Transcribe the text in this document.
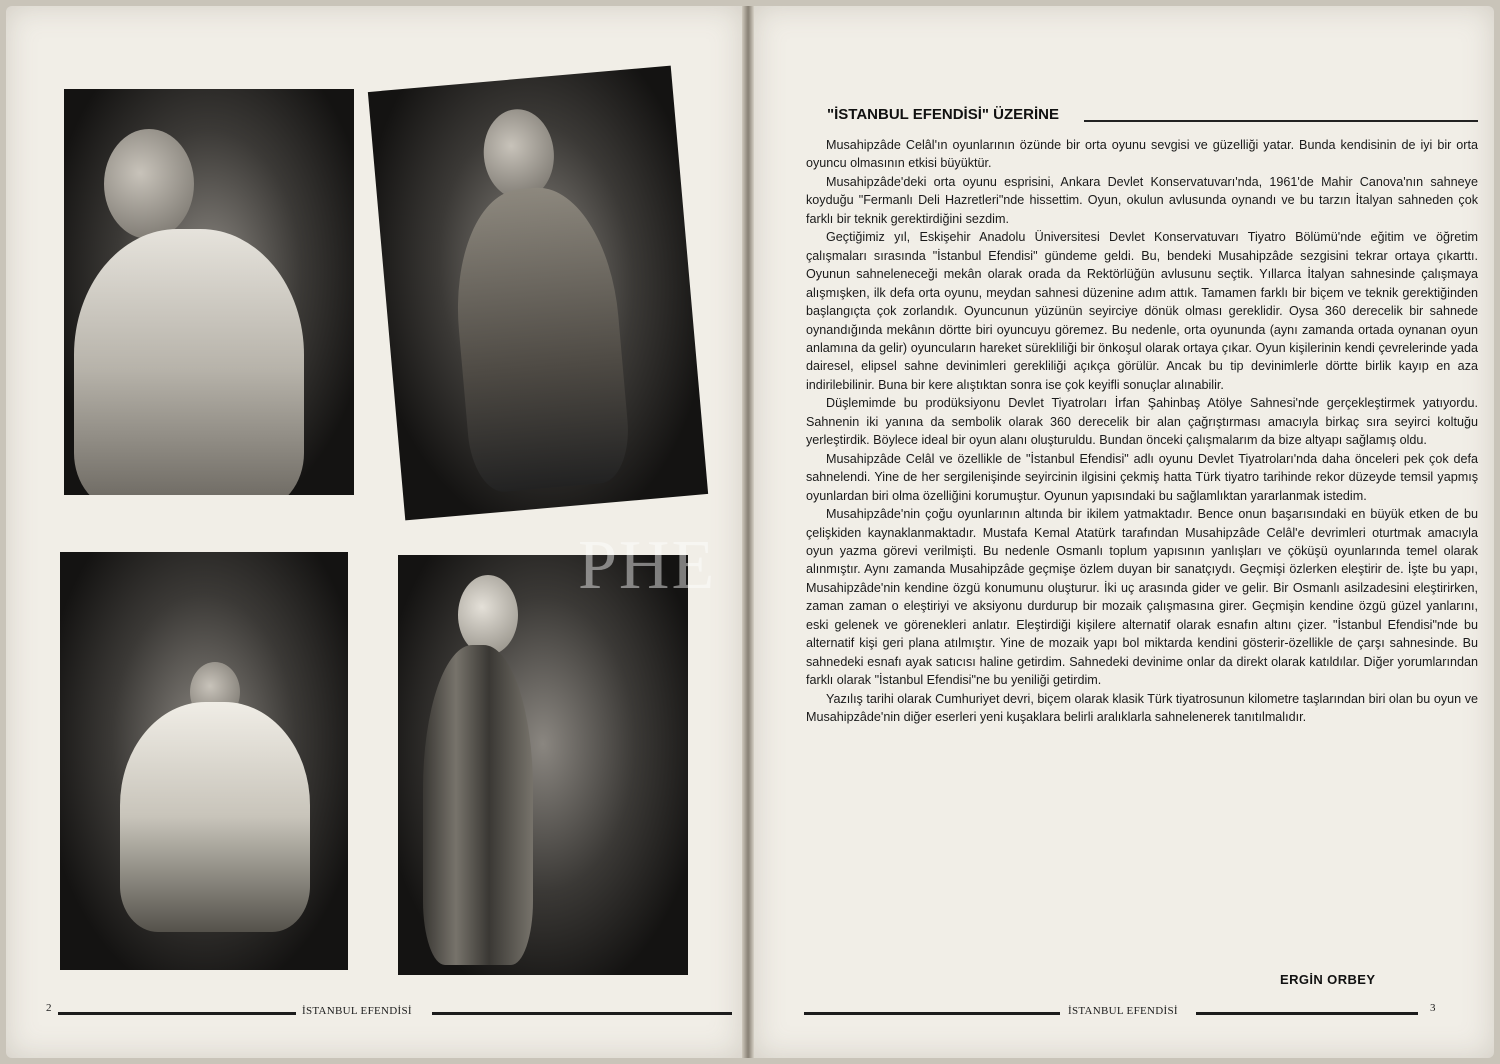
PHE
2	İSTANBUL EFENDİSİ
"İSTANBUL EFENDİSİ" ÜZERİNE

Musahipzâde Celâl'ın oyunlarının özünde bir orta oyunu sevgisi ve güzelliği yatar. Bunda kendisinin de iyi bir orta oyuncu olmasının etkisi büyüktür.

Musahipzâde'deki orta oyunu esprisini, Ankara Devlet Konservatuvarı'nda, 1961'de Mahir Canova'nın sahneye koyduğu "Fermanlı Deli Hazretleri"nde hissettim. Oyun, okulun avlusunda oynandı ve bu tarzın İtalyan sahneden çok farklı bir teknik gerektirdiğini sezdim.

Geçtiğimiz yıl, Eskişehir Anadolu Üniversitesi Devlet Konservatuvarı Tiyatro Bölümü'nde eğitim ve öğretim çalışmaları sırasında "İstanbul Efendisi" gündeme geldi. Bu, bendeki Musahipzâde sezgisini tekrar ortaya çıkarttı. Oyunun sahneleneceği mekân olarak orada da Rektörlüğün avlusunu seçtik. Yıllarca İtalyan sahnesinde çalışmaya alışmışken, ilk defa orta oyunu, meydan sahnesi düzenine adım attık. Tamamen farklı bir biçem ve teknik gerektiğinden başlangıçta çok zorlandık. Oyuncunun yüzünün seyirciye dönük olması gereklidir. Oysa 360 derecelik bir sahnede oynandığında mekânın dörtte biri oyuncuyu göremez. Bu nedenle, orta oyununda (aynı zamanda ortada oynanan oyun anlamına da gelir) oyuncuların hareket sürekliliği bir önkoşul olarak ortaya çıkar. Oyun kişilerinin kendi çevrelerinde yada dairesel, elipsel sahne devinimleri gerekliliği açıkça görülür. Ancak bu tip devinimlerle dörtte birlik kayıp en aza indirilebilinir. Buna bir kere alıştıktan sonra ise çok keyifli sonuçlar alınabilir.

Düşlemimde bu prodüksiyonu Devlet Tiyatroları İrfan Şahinbaş Atölye Sahnesi'nde gerçekleştirmek yatıyordu. Sahnenin iki yanına da sembolik olarak 360 derecelik bir alan çağrıştırması amacıyla birkaç sıra seyirci koltuğu yerleştirdik. Böylece ideal bir oyun alanı oluşturuldu. Bundan önceki çalışmalarım da bize altyapı sağlamış oldu.

Musahipzâde Celâl ve özellikle de "İstanbul Efendisi" adlı oyunu Devlet Tiyatroları'nda daha önceleri pek çok defa sahnelendi. Yine de her sergilenişinde seyircinin ilgisini çekmiş hatta Türk tiyatro tarihinde rekor düzeyde temsil yapmış oyunlardan biri olma özelliğini korumuştur. Oyunun yapısındaki bu sağlamlıktan yararlanmak istedim.

Musahipzâde'nin çoğu oyunlarının altında bir ikilem yatmaktadır. Bence onun başarısındaki en büyük etken de bu çelişkiden kaynaklanmaktadır. Mustafa Kemal Atatürk tarafından Musahipzâde Celâl'e devrimleri oturtmak amacıyla oyun yazma görevi verilmişti. Bu nedenle Osmanlı toplum yapısının yanlışları ve çöküşü oyunlarında temel olarak alınmıştır. Aynı zamanda Musahipzâde geçmişe özlem duyan bir sanatçıydı. Geçmişi özlerken eleştirir de. İşte bu yapı, Musahipzâde'nin kendine özgü konumunu oluşturur. İki uç arasında gider ve gelir. Bir Osmanlı asilzadesini eleştirirken, zaman zaman o eleştiriyi ve aksiyonu durdurup bir mozaik çalışmasına girer. Geçmişin kendine özgü güzel yanlarını, eski gelenek ve görenekleri anlatır. Eleştirdiği kişilere alternatif olarak esnafın altını çizer. "İstanbul Efendisi"nde bu alternatif kişi geri plana atılmıştır. Yine de mozaik yapı bol miktarda kendini gösterir-özellikle de çarşı sahnesinde. Bu sahnedeki esnafı ayak satıcısı haline getirdim. Sahnedeki devinime onlar da direkt olarak katıldılar. Diğer yorumlarından farklı olarak "İstanbul Efendisi"ne bu yeniliği getirdim.

Yazılış tarihi olarak Cumhuriyet devri, biçem olarak klasik Türk tiyatrosunun kilometre taşlarından biri olan bu oyun ve Musahipzâde'nin diğer eserleri yeni kuşaklara belirli aralıklarla sahnelenerek tanıtılmalıdır.

ERGİN ORBEY
İSTANBUL EFENDİSİ	3
